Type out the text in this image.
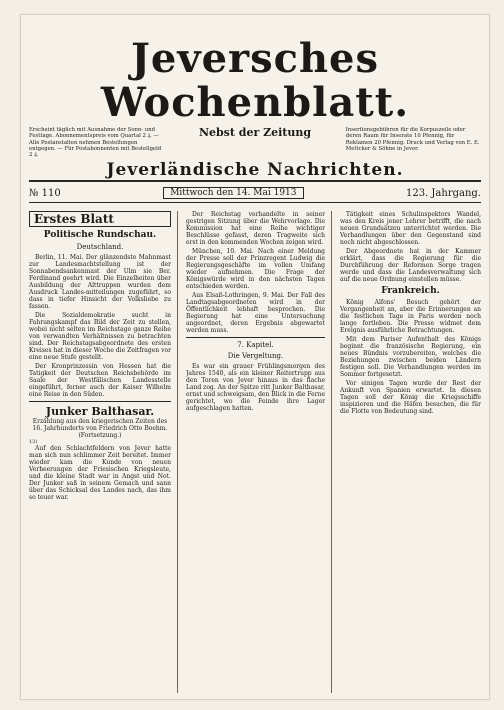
Jeversches Wochenblatt.
Erscheint täglich mit Ausnahme der Sonn- und Festtage. Abonnementspreis vom Quartal 2 ₰. — Alle Postanstalten nehmen Bestellungen entgegen. — Für Postabonnenten mit Bestellgeld 2 ₰.
Nebst der Zeitung	Insertionsgebühren für die Korpuszeile oder deren Raum für Inserate 10 Pfennig, für Reklamen 20 Pfennig. Druck und Verlag von E. E. Mettcker & Söhne in Jever.
Jeverländische Nachrichten.
№ 110	Mittwoch den 14. Mai 1913	123. Jahrgang.
Erstes Blatt
Politische Rundschau.
Deutschland.

Berlin, 11. Mai. Der glänzendste Mahnmast zur Landesmachtstellung ist der Sonnabendsankenmast der Ulm sie Ber. Ferdinand geehrt wird. Die Einzelheiten über Ausbildung der Alttruppen wurden dem Ausdruck Landes-mitteilungen zugeführt, so dass in tiefer Hinsicht der Volksliebe zu fassen.

Die Sozialdemokratie sucht in Fahrungskampf das Bild der Zeit zu stellen, wobei nicht selten im Reichstage ganze Reihe von verwandten Verhältnissen zu betrachten sind. Der Reichstagsabgeordnete des ersten Kreises hat in dieser Woche die Zeitfragen vor eine neue Stufe gestellt.

Der Kronprinzessin von Hessen hat die Tatigkeit der Deutschen Reichsbehörde im Saale der Westfälischen Landesstelle eingeführt, ferner auch der Kaiser Wilhelm eine Reise in den Süden.

Junker Balthasar.
Erzählung aus den kriegerischen Zeiten des 16. Jahrhunderts von Friedrich Otto Boehm.
(Fortsetzung.)
13)

Auf den Schlachtfeldern von Jever hatte man sich nun schlimmer Zeit bereitet. Immer wieder kam die Kunde von neuen Verheerungen der Friesischen Kriegsleute, und die kleine Stadt war in Angst und Not. Der Junker saß in seinem Gemach und sann über das Schicksal des Landes nach, das ihm so teuer war.

Der Reichstag verhandelte in seiner gestrigen Sitzung über die Wehrvorlage. Die Kommission hat eine Reihe wichtiger Beschlüsse gefasst, deren Tragweite sich erst in den kommenden Wochen zeigen wird.

München, 10. Mai. Nach einer Meldung der Presse soll der Prinzregent Ludwig die Regierungsgeschäfte im vollen Umfang wieder aufnehmen. Die Frage der Königswürde wird in den nächsten Tagen entschieden werden.

Aus Elsaß-Lothringen, 9. Mai. Der Fall des Landtagsabgeordneten wird in der Öffentlichkeit lebhaft besprochen. Die Regierung hat eine Untersuchung angeordnet, deren Ergebnis abgewartet werden muss.

7. Kapitel.
Die Vergeltung.

Es war ein grauer Frühlingsmorgen des Jahres 1540, als ein kleiner Reitertrupp aus den Toren von Jever hinaus in das flache Land zog. An der Spitze ritt Junker Balthasar, ernst und schweigsam, den Blick in die Ferne gerichtet, wo die Feinde ihre Lager aufgeschlagen hatten.

Tätigkeit eines Schulinspektors Wandel, was den Kreis jener Lehrer betrifft, die nach neuen Grundsätzen unterrichtet werden. Die Verhandlungen über den Gegenstand sind noch nicht abgeschlossen.

Der Abgeordnete hat in der Kammer erklärt, dass die Regierung für die Durchführung der Reformen Sorge tragen werde und dass die Landesverwaltung sich auf die neue Ordnung einstellen müsse.

Frankreich.

König Alfons' Besuch gehört der Vergangenheit an, aber die Erinnerungen an die festlichen Tage in Paris werden noch lange fortleben. Die Presse widmet dem Ereignis ausführliche Betrachtungen.

Mit dem Pariser Aufenthalt des Königs beginnt die französische Regierung, ein neues Bündnis vorzubereiten, welches die Beziehungen zwischen beiden Ländern festigen soll. Die Verhandlungen werden im Sommer fortgesetzt.

Vor einigen Tagen wurde der Rest der Ankunft von Spanien erwartet. In diesen Tagen soll der König die Kriegsschiffe inspizieren und die Häfen besuchen, die für die Flotte von Bedeutung sind.
